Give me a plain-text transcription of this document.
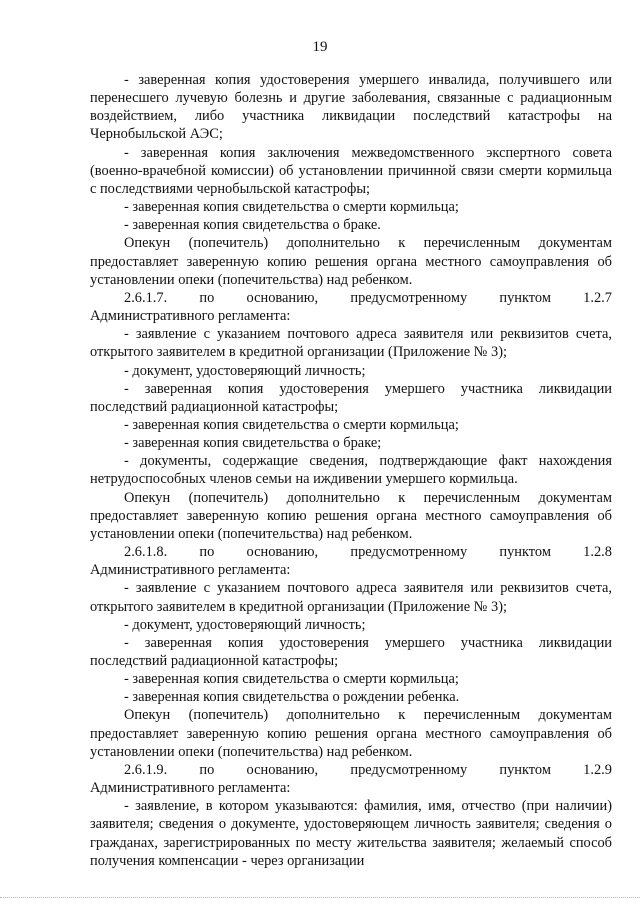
19

- заверенная копия удостоверения умершего инвалида, получившего или перенесшего лучевую болезнь и другие заболевания, связанные с радиационным воздействием, либо участника ликвидации последствий катастрофы на Чернобыльской АЭС;

- заверенная копия заключения межведомственного экспертного совета (военно-врачебной комиссии) об установлении причинной связи смерти кормильца с последствиями чернобыльской катастрофы;

- заверенная копия свидетельства о смерти кормильца;

- заверенная копия свидетельства о браке.

Опекун (попечитель) дополнительно к перечисленным документам предоставляет заверенную копию решения органа местного самоуправления об установлении опеки (попечительства) над ребенком.

2.6.1.7. по основанию, предусмотренному пунктом 1.2.7

Административного регламента:

- заявление с указанием почтового адреса заявителя или реквизитов счета, открытого заявителем в кредитной организации (Приложение № 3);

- документ, удостоверяющий личность;

- заверенная копия удостоверения умершего участника ликвидации последствий радиационной катастрофы;

- заверенная копия свидетельства о смерти кормильца;

- заверенная копия свидетельства о браке;

- документы, содержащие сведения, подтверждающие факт нахождения нетрудоспособных членов семьи на иждивении умершего кормильца.

Опекун (попечитель) дополнительно к перечисленным документам предоставляет заверенную копию решения органа местного самоуправления об установлении опеки (попечительства) над ребенком.

2.6.1.8. по основанию, предусмотренному пунктом 1.2.8

Административного регламента:

- заявление с указанием почтового адреса заявителя или реквизитов счета, открытого заявителем в кредитной организации (Приложение № 3);

- документ, удостоверяющий личность;

- заверенная копия удостоверения умершего участника ликвидации последствий радиационной катастрофы;

- заверенная копия свидетельства о смерти кормильца;

- заверенная копия свидетельства о рождении ребенка.

Опекун (попечитель) дополнительно к перечисленным документам предоставляет заверенную копию решения органа местного самоуправления об установлении опеки (попечительства) над ребенком.

2.6.1.9. по основанию, предусмотренному пунктом 1.2.9

Административного регламента:

- заявление, в котором указываются: фамилия, имя, отчество (при наличии) заявителя; сведения о документе, удостоверяющем личность заявителя; сведения о гражданах, зарегистрированных по месту жительства заявителя; желаемый способ получения компенсации - через организации
